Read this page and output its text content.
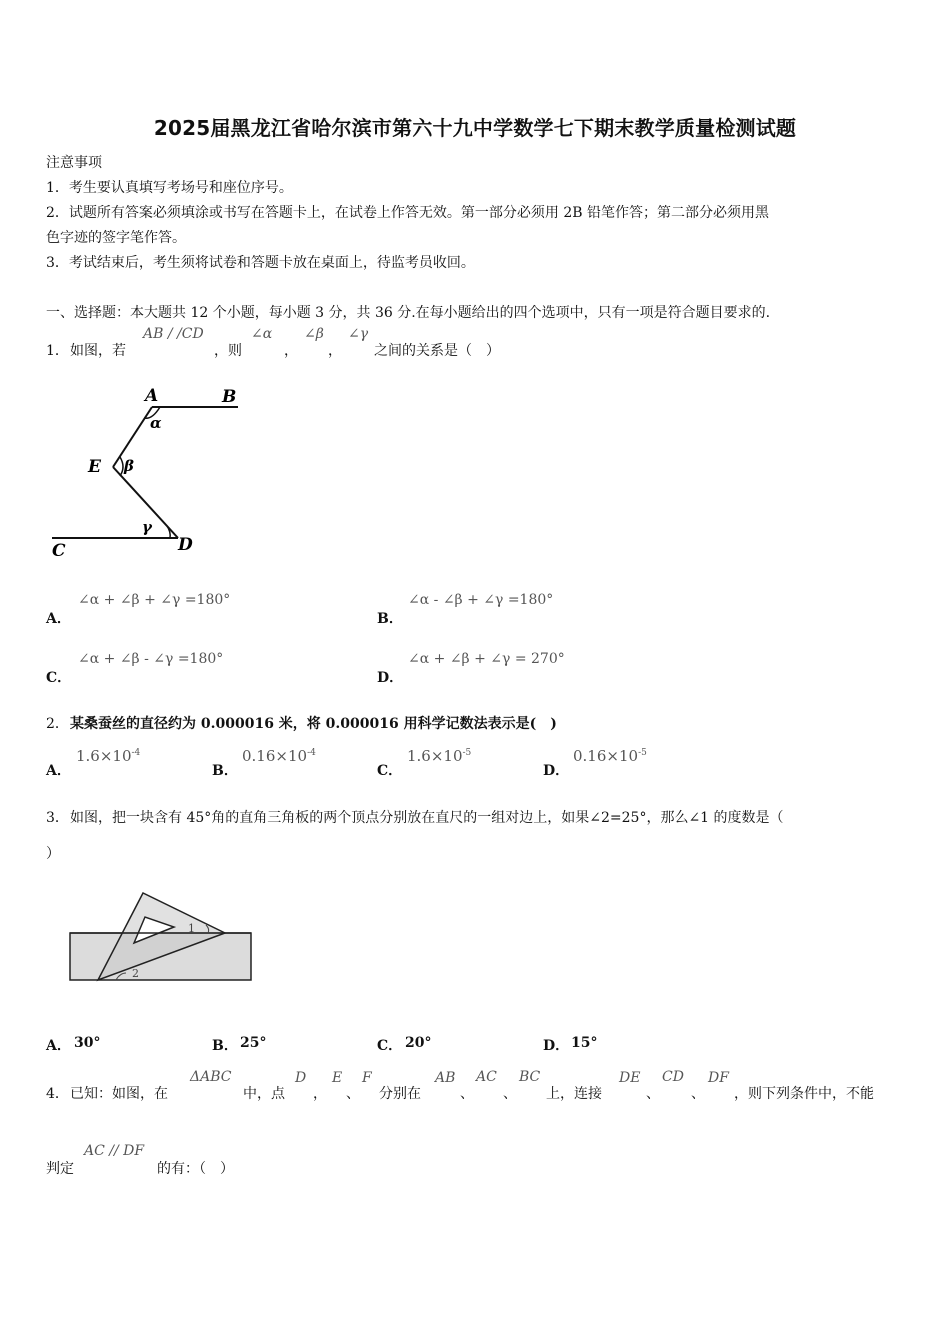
2025届黑龙江省哈尔滨市第六十九中学数学七下期末教学质量检测试题
注意事项
1．考生要认真填写考场号和座位序号。
2．试题所有答案必须填涂或书写在答题卡上，在试卷上作答无效。第一部分必须用 2B 铅笔作答；第二部分必须用黑
色字迹的签字笔作答。
3．考试结束后，考生须将试卷和答题卡放在桌面上，待监考员收回。
一、选择题：本大题共 12 个小题，每小题 3 分，共 36 分.在每小题给出的四个选项中，只有一项是符合题目要求的.
1． 如图，若
AB / /CD
，则
∠α
，
∠β
，
∠γ
之间的关系是（　）
A	B
α
E β
γ
C	D
A．
∠α + ∠β + ∠γ =180°
B．
∠α - ∠β + ∠γ =180°
C．
∠α + ∠β - ∠γ =180°
D．
∠α + ∠β + ∠γ = 270°
2． 某桑蚕丝的直径约为 0.000016 米，将 0.000016 用科学记数法表示是(　)
A．
$1.6\times 10^{-4}$
B．
$0.16\times 10^{-4}$
C．
$1.6\times 10^{-5}$
D．
$0.16\times 10^{-5}$
3． 如图，把一块含有 45°角的直角三角板的两个顶点分别放在直尺的一组对边上，如果∠2=25°，那么∠1 的度数是（
）
1
2
A． 30°	B． 25°	C． 20°	D． 15°
4． 已知：如图，在
ΔABC
中，点
D
，
E
、
F
分别在
AB
、
AC
、
BC
上，连接
DE
、
CD
、
DF
，则下列条件中，不能
判定
AC // DF
的有：（　）
